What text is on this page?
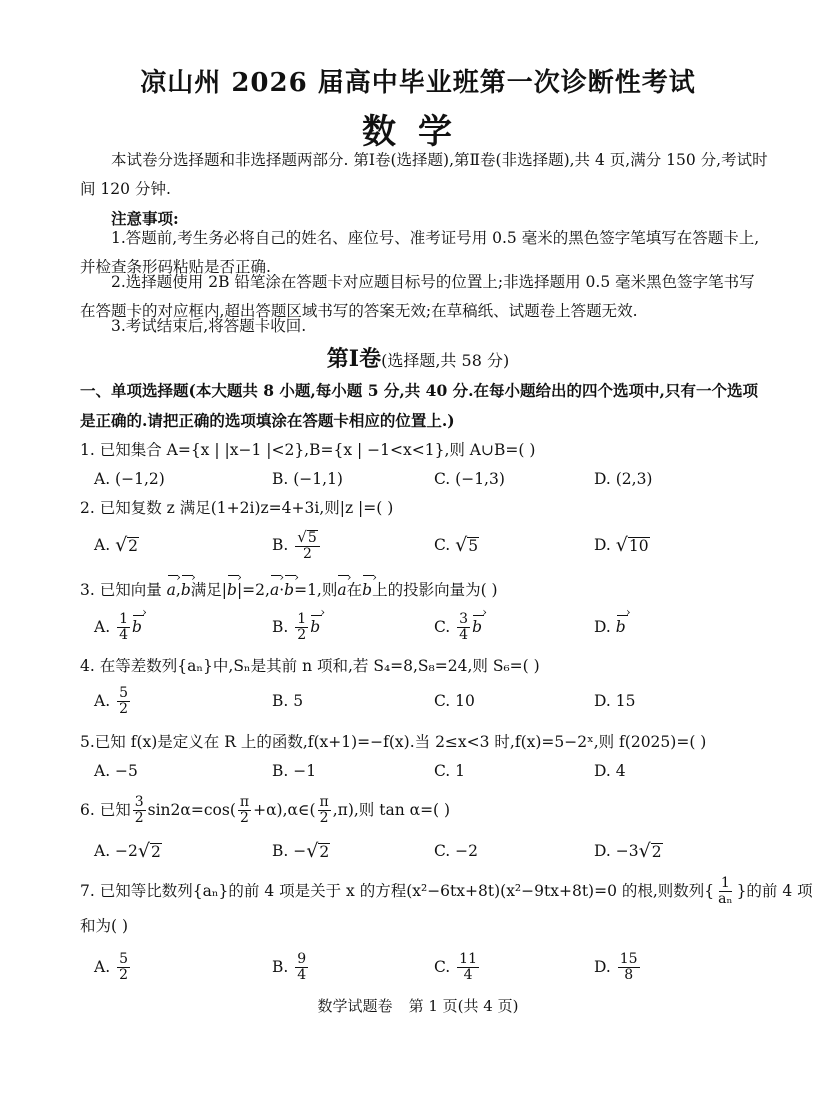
凉山州 2026 届高中毕业班第一次诊断性考试
数学
本试卷分选择题和非选择题两部分. 第Ⅰ卷(选择题),第Ⅱ卷(非选择题),共 4 页,满分 150 分,考试时间 120 分钟.
注意事项:
1.答题前,考生务必将自己的姓名、座位号、准考证号用 0.5 毫米的黑色签字笔填写在答题卡上,并检查条形码粘贴是否正确.
2.选择题使用 2B 铅笔涂在答题卡对应题目标号的位置上;非选择题用 0.5 毫米黑色签字笔书写在答题卡的对应框内,超出答题区域书写的答案无效;在草稿纸、试题卷上答题无效.
3.考试结束后,将答题卡收回.
第Ⅰ卷(选择题,共 58 分)
一、单项选择题(本大题共 8 小题,每小题 5 分,共 40 分.在每小题给出的四个选项中,只有一个选项是正确的.请把正确的选项填涂在答题卡相应的位置上.)
1. 已知集合 A={x | |x−1 |<2},B={x | −1<x<1},则 A∪B=( )
A. (−1,2)	B. (−1,1)	C. (−1,3)	D. (2,3)
2. 已知复数 z 满足(1+2i)z=4+3i,则|z |=( )
A.
√ 2	B.
$\frac{√ 5}{2}$	C.
√ 5	D.
√ 10
3. 已知向量 › a,› b满足|› b|=2,› a·› b=1,则› a在› b上的投影向量为( )
A.
$\frac{1}{4}$ › b	B.
$\frac{1}{2}$ › b	C.
$\frac{3}{4}$ › b	D.
› b
4. 在等差数列{aₙ}中,Sₙ是其前 n 项和,若 S₄=8,S₈=24,则 S₆=( )
A.
$\frac{5}{2}$	B. 5	C. 10	D. 15
5.已知 f(x)是定义在 R 上的函数,f(x+1)=−f(x).当 2≤x<3 时,f(x)=5−2ˣ,则 f(2025)=( )
A. −5	B. −1	C. 1	D. 4
6. 已知 $\frac{3}{2} \sin 2\alpha=\cos( \frac{\pi}{2}$ +α),α∈( $\frac{\pi}{2} ,\pi$),则 tan α=( )
A. −2 √ 2	B. − √ 2	C. −2	D. −3 √ 2
7. 已知等比数列{aₙ}的前 4 项是关于 x 的方程(x²−6tx+8t)(x²−9tx+8t)=0 的根,则数列{ $\frac{1}{\text{aₙ}}$ }的前 4 项
和为( )
A.
$\frac{5}{2}$	B.
$\frac{9}{4}$	C.
$\frac{11}{4}$	D.
$\frac{15}{8}$
数学试题卷 第 1 页(共 4 页)
